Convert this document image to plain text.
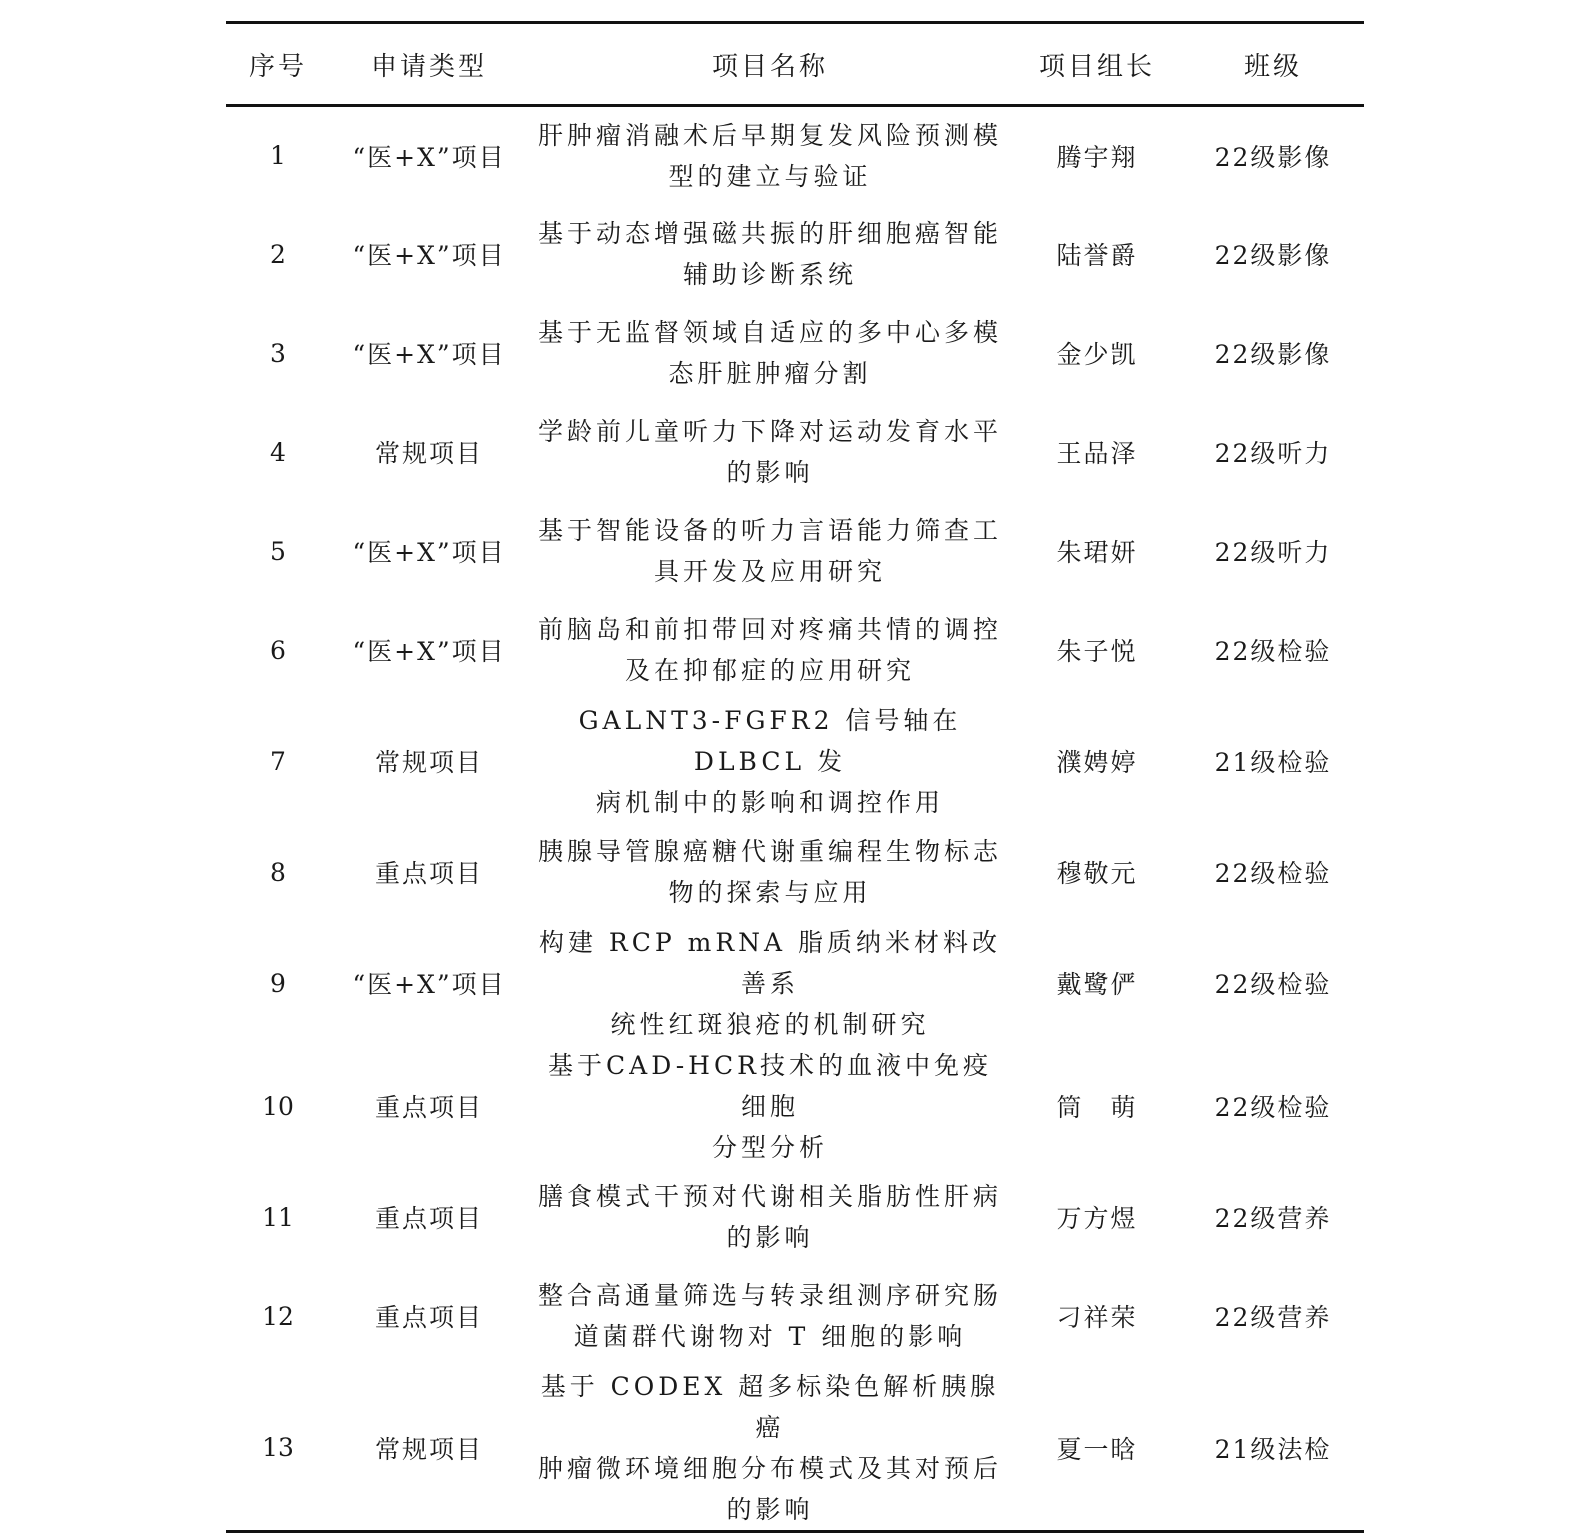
序号	申请类型	项目名称	项目组长	班级
1	“医+X”项目	肝肿瘤消融术后早期复发风险预测模
型的建立与验证	腾宇翔	22级影像
2	“医+X”项目	基于动态增强磁共振的肝细胞癌智能
辅助诊断系统	陆誉爵	22级影像
3	“医+X”项目	基于无监督领域自适应的多中心多模
态肝脏肿瘤分割	金少凯	22级影像
4	常规项目	学龄前儿童听力下降对运动发育水平
的影响	王品泽	22级听力
5	“医+X”项目	基于智能设备的听力言语能力筛查工
具开发及应用研究	朱珺妍	22级听力
6	“医+X”项目	前脑岛和前扣带回对疼痛共情的调控
及在抑郁症的应用研究	朱子悦	22级检验
7	常规项目	GALNT3-FGFR2 信号轴在 DLBCL 发
病机制中的影响和调控作用	濮娉婷	21级检验
8	重点项目	胰腺导管腺癌糖代谢重编程生物标志
物的探索与应用	穆敬元	22级检验
9	“医+X”项目	构建 RCP mRNA 脂质纳米材料改善系
统性红斑狼疮的机制研究	戴鹭俨	22级检验
10	重点项目	基于CAD-HCR技术的血液中免疫细胞
分型分析	筒　萌	22级检验
11	重点项目	膳食模式干预对代谢相关脂肪性肝病
的影响	万方煜	22级营养
12	重点项目	整合高通量筛选与转录组测序研究肠
道菌群代谢物对 T 细胞的影响	刁祥荣	22级营养
13	常规项目	基于 CODEX 超多标染色解析胰腺癌
肿瘤微环境细胞分布模式及其对预后
的影响	夏一晗	21级法检
